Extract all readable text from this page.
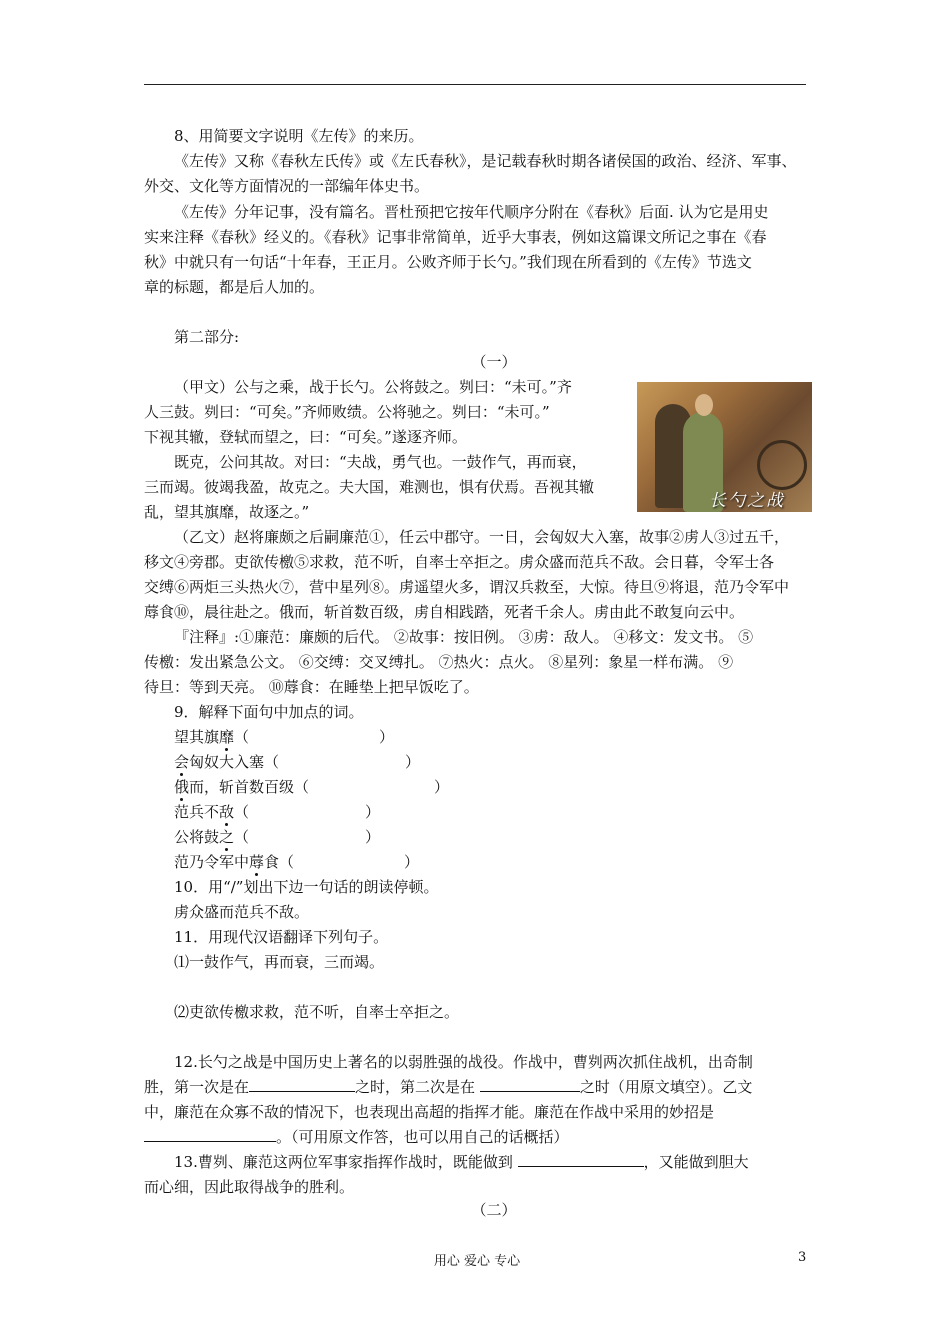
8、用简要文字说明《左传》的来历。
《左传》又称《春秋左氏传》或《左氏春秋》，是记载春秋时期各诸侯国的政治、经济、军事、
外交、文化等方面情况的一部编年体史书。
《左传》分年记事，没有篇名。晋杜预把它按年代顺序分附在《春秋》后面. 认为它是用史
实来注释《春秋》经义的。《春秋》记事非常简单，近乎大事表，例如这篇课文所记之事在《春
秋》中就只有一句话“十年春，王正月。公败齐师于长勺。”我们现在所看到的《左传》节选文
章的标题，都是后人加的。
第二部分:
（一）
（甲文）公与之乘，战于长勺。公将鼓之。刿曰：“未可。”齐
人三鼓。刿曰：“可矣。”齐师败绩。公将驰之。刿曰：“未可。”
下视其辙，登轼而望之，曰：“可矣。”遂逐齐师。
既克，公问其故。对曰：“夫战，勇气也。一鼓作气，再而衰，
三而竭。彼竭我盈，故克之。夫大国，难测也，惧有伏焉。吾视其辙
乱，望其旗靡，故逐之。”
长勺之战
（乙文）赵将廉颇之后嗣廉范①，任云中郡守。一日，会匈奴大入塞，故事②虏人③过五千，
移文④旁郡。吏欲传檄⑤求救，范不听，自率士卒拒之。虏众盛而范兵不敌。会日暮，令军士各
交缚⑥两炬三头热火⑦，营中星列⑧。虏遥望火多，谓汉兵救至，大惊。待旦⑨将退，范乃令军中
蓐食⑩，晨往赴之。俄而，斩首数百级，虏自相践踏，死者千余人。虏由此不敢复向云中。
『注释』:①廉范：廉颇的后代。 ②故事：按旧例。 ③虏：敌人。 ④移文：发文书。 ⑤
传檄：发出紧急公文。 ⑥交缚：交叉缚扎。 ⑦热火：点火。 ⑧星列：象星一样布满。 ⑨
待旦：等到天亮。 ⑩蓐食：在睡垫上把早饭吃了。
9．解释下面句中加点的词。
望其旗靡（	）
会匈奴大入塞（	）
俄而，斩首数百级（	）
范兵不敌（	）
公将鼓之（	）
范乃令军中蓐食（	）
10．用“/”划出下边一句话的朗读停顿。
虏众盛而范兵不敌。
11．用现代汉语翻译下列句子。
⑴一鼓作气，再而衰，三而竭。
⑵吏欲传檄求救，范不听，自率士卒拒之。
12.长勺之战是中国历史上著名的以弱胜强的战役。作战中，曹刿两次抓住战机，出奇制
胜，第一次是在	之时，第二次是在	之时（用原文填空）。乙文
中，廉范在众寡不敌的情况下，也表现出高超的指挥才能。廉范在作战中采用的妙招是
。（可用原文作答，也可以用自己的话概括）
13.曹刿、廉范这两位军事家指挥作战时，既能做到	，又能做到胆大
而心细，因此取得战争的胜利。
（二）
用心 爱心 专心	3
